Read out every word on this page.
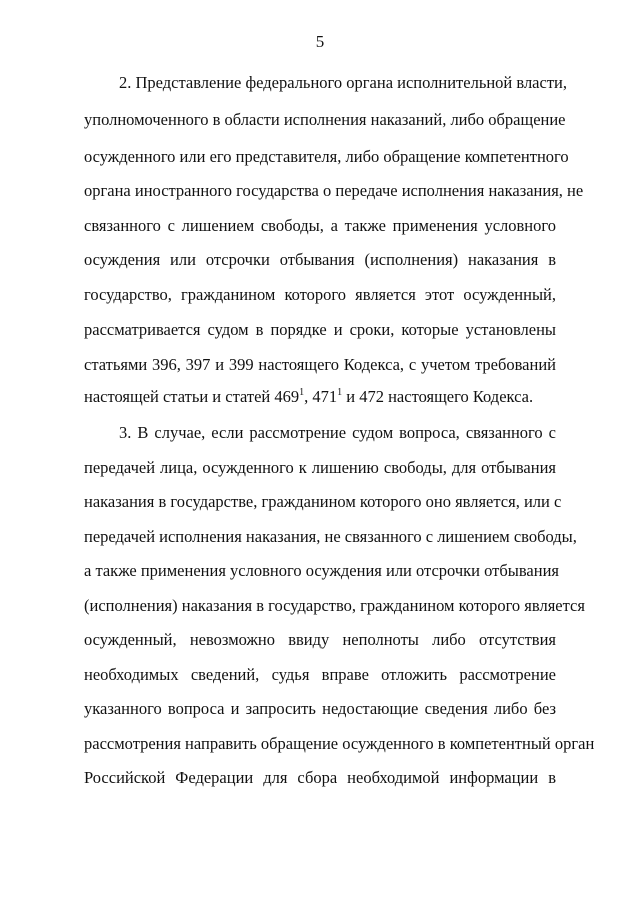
5
2. Представление федерального органа исполнительной власти,
уполномоченного в области исполнения наказаний, либо обращение
осужденного или его представителя, либо обращение компетентного
органа иностранного государства о передаче исполнения наказания, не
связанного с лишением свободы, а также применения условного
осуждения или отсрочки отбывания (исполнения) наказания в
государство, гражданином которого является этот осужденный,
рассматривается судом в порядке и сроки, которые установлены
статьями 396, 397 и 399 настоящего Кодекса, с учетом требований
настоящей статьи и статей $469^1$, $471^1$ и 472 настоящего Кодекса.
3. В случае, если рассмотрение судом вопроса, связанного с
передачей лица, осужденного к лишению свободы, для отбывания
наказания в государстве, гражданином которого оно является, или с
передачей исполнения наказания, не связанного с лишением свободы,
а также применения условного осуждения или отсрочки отбывания
(исполнения) наказания в государство, гражданином которого является
осужденный, невозможно ввиду неполноты либо отсутствия
необходимых сведений, судья вправе отложить рассмотрение
указанного вопроса и запросить недостающие сведения либо без
рассмотрения направить обращение осужденного в компетентный орган
Российской Федерации для сбора необходимой информации в
